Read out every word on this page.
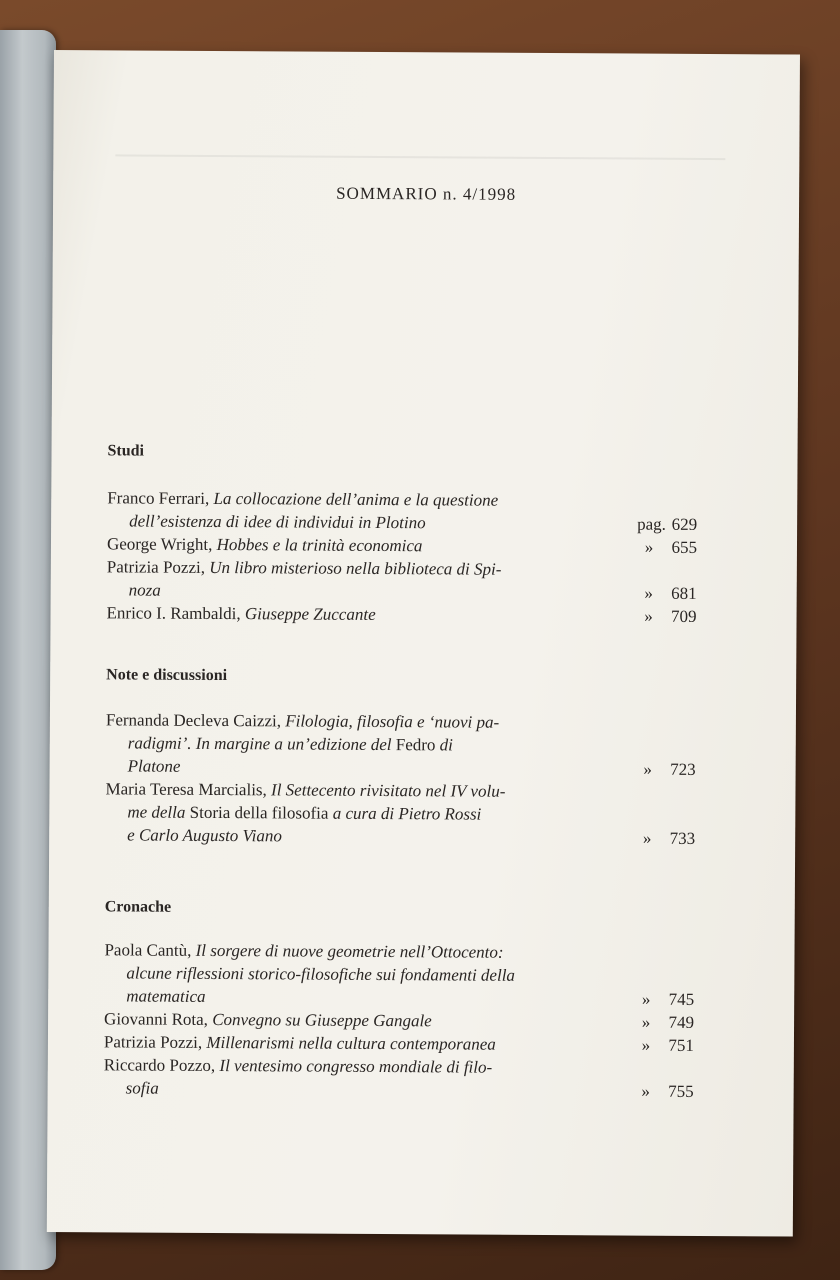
SOMMARIO n. 4/1998
Studi
Franco Ferrari, La collocazione dell’anima e la questione
dell’esistenza di idee di individui in Plotino	pag. 629
George Wright, Hobbes e la trinità economica	» 655
Patrizia Pozzi, Un libro misterioso nella biblioteca di Spi-
noza	» 681
Enrico I. Rambaldi, Giuseppe Zuccante	» 709
Note e discussioni
Fernanda Decleva Caizzi, Filologia, filosofia e ‘nuovi pa-
radigmi’. In margine a un’edizione del Fedro di
Platone	» 723
Maria Teresa Marcialis, Il Settecento rivisitato nel IV volu-
me della Storia della filosofia a cura di Pietro Rossi
e Carlo Augusto Viano	» 733
Cronache
Paola Cantù, Il sorgere di nuove geometrie nell’Ottocento:
alcune riflessioni storico-filosofiche sui fondamenti della
matematica	» 745
Giovanni Rota, Convegno su Giuseppe Gangale	» 749
Patrizia Pozzi, Millenarismi nella cultura contemporanea	» 751
Riccardo Pozzo, Il ventesimo congresso mondiale di filo-
sofia	» 755
